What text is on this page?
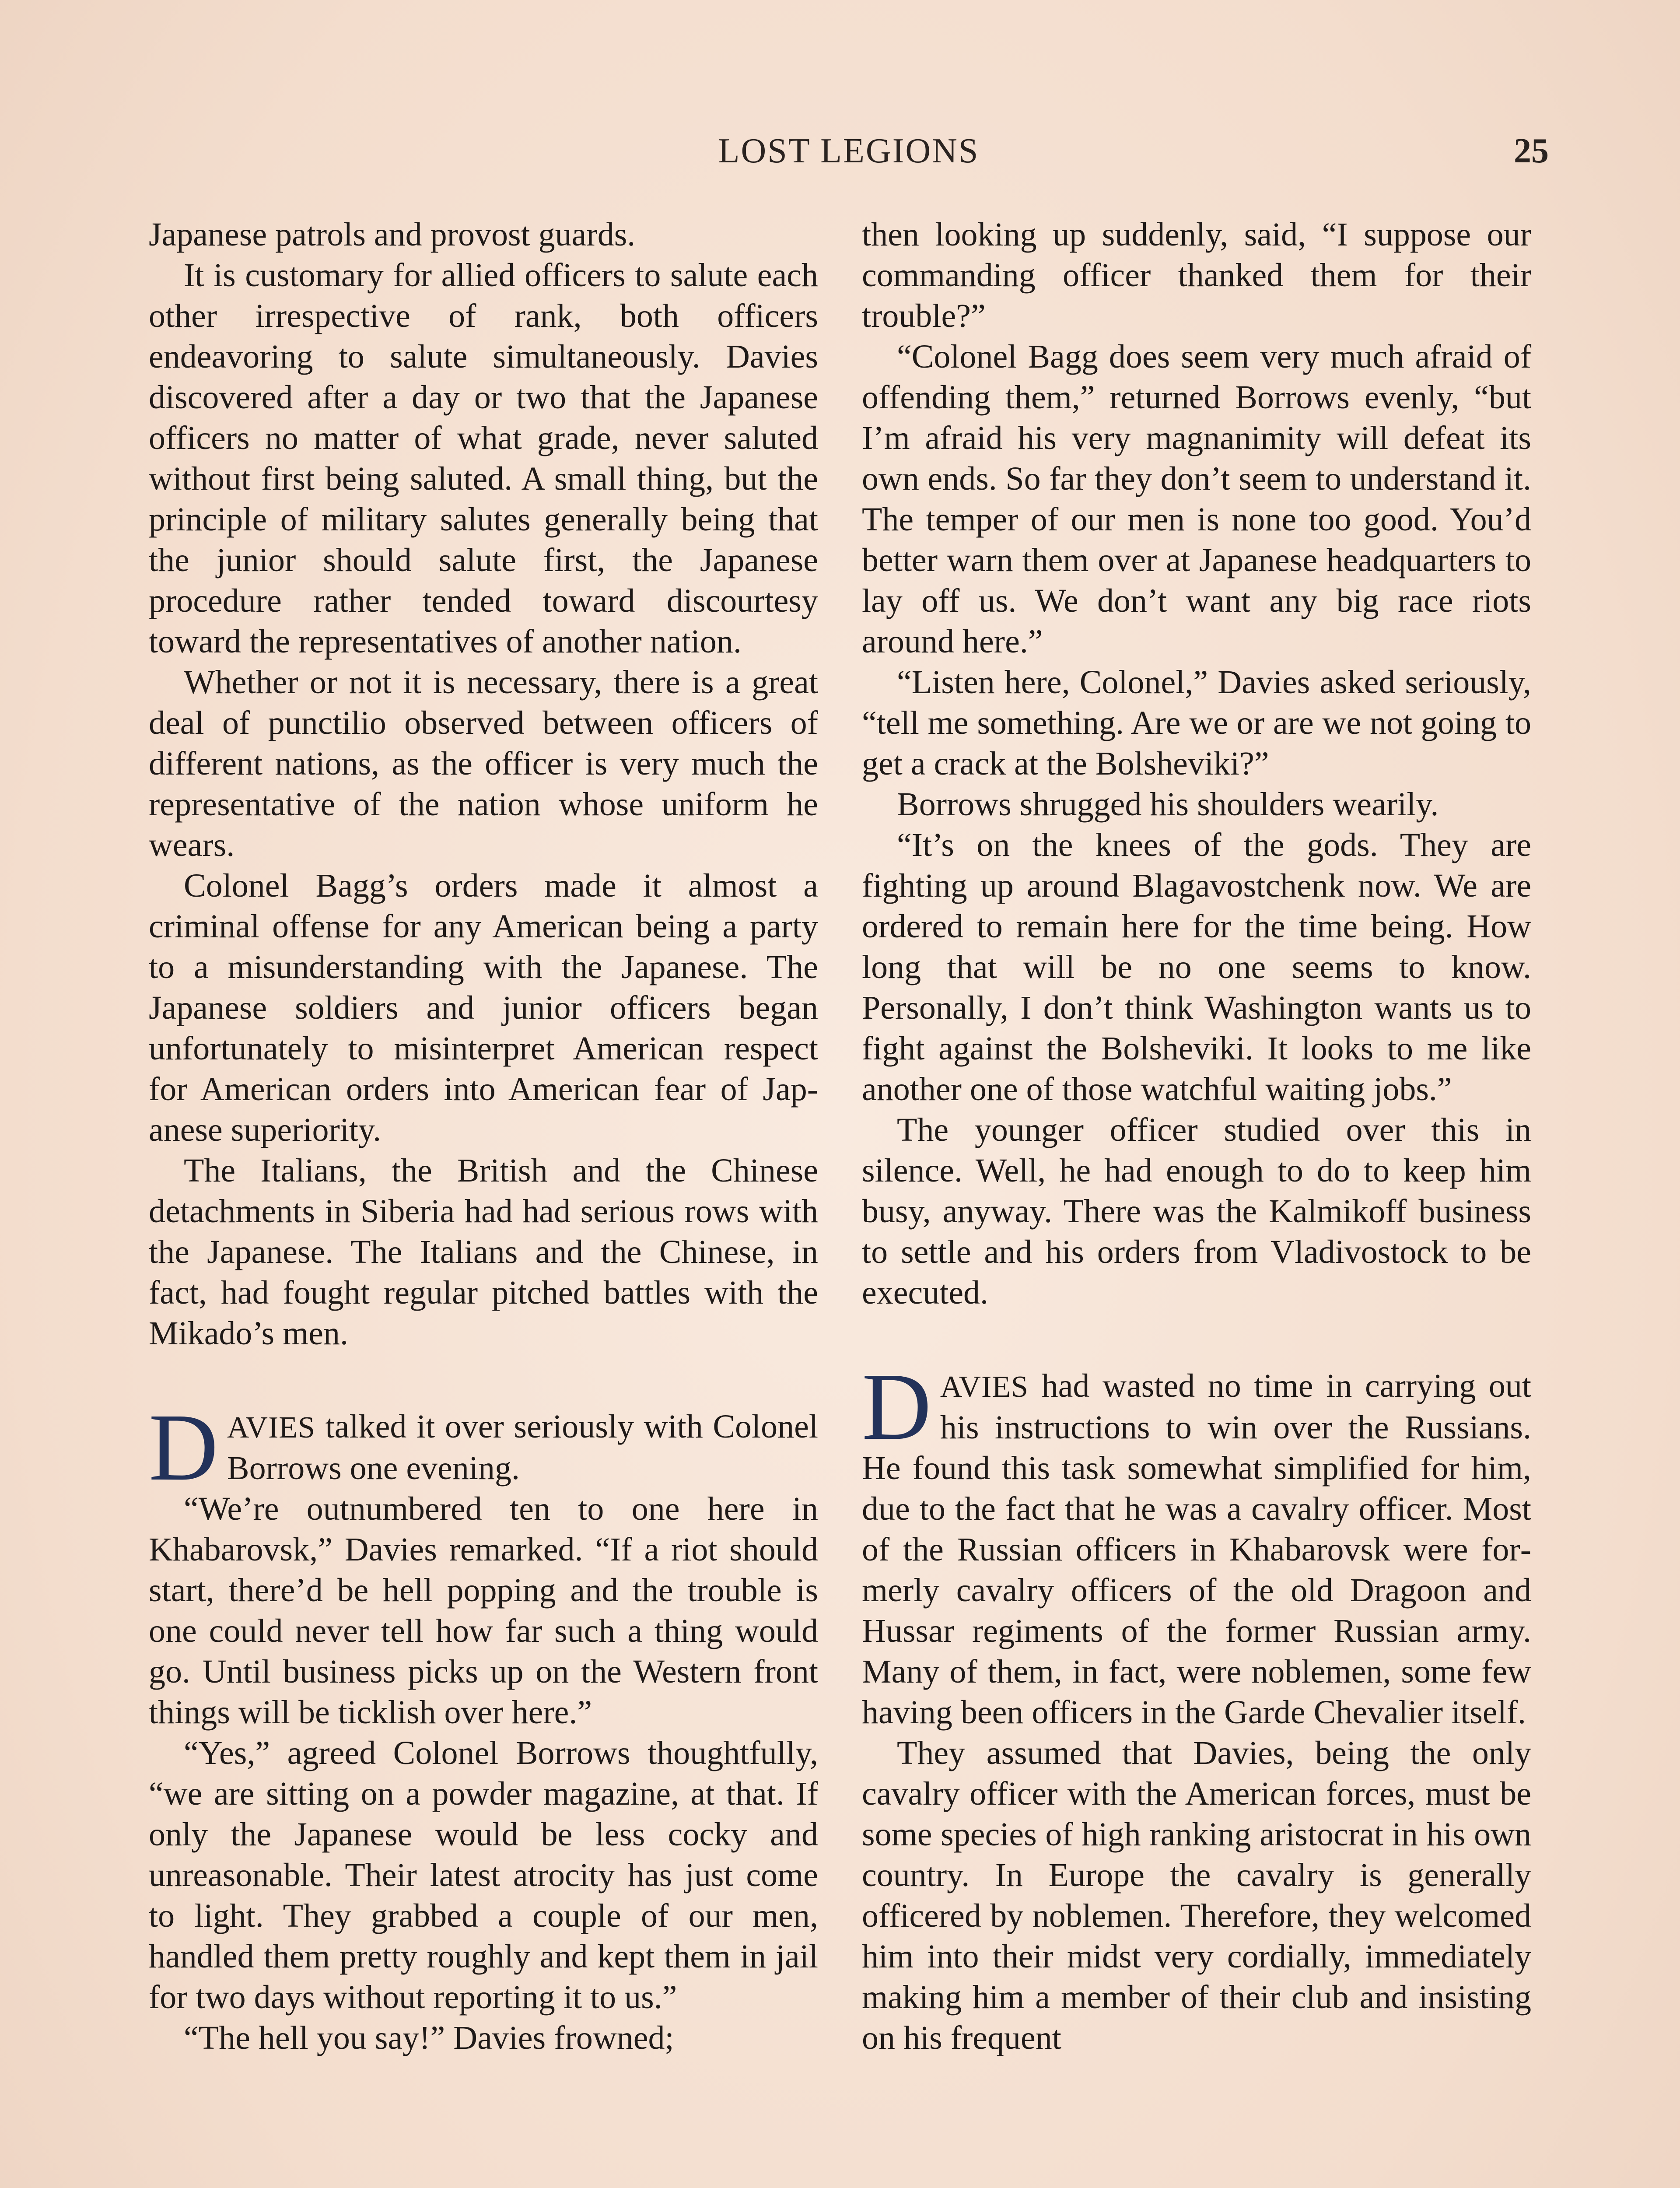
LOST LEGIONS	25

Japanese patrols and provost guards.

It is customary for allied officers to salute each other irrespective of rank, both officers endeavoring to salute simultaneously. Davies discovered after a day or two that the Japanese officers no matter of what grade, never saluted without first being saluted. A small thing, but the principle of military salutes generally being that the junior should salute first, the Japanese procedure rather tended toward discourtesy toward the representatives of another nation.

Whether or not it is necessary, there is a great deal of punctilio observed between officers of different nations, as the officer is very much the representative of the nation whose uniform he wears.

Colonel Bagg’s orders made it almost a criminal offense for any American being a party to a misunderstanding with the Japanese. The Japanese soldiers and junior officers began unfortunately to misinterpret American respect for American orders into American fear of Japanese superiority.

The Italians, the British and the Chinese detachments in Siberia had had serious rows with the Japanese. The Italians and the Chinese, in fact, had fought regular pitched battles with the Mikado’s men.

DAVIES talked it over seriously with Colonel Borrows one evening.

“We’re outnumbered ten to one here in Khabarovsk,” Davies remarked. “If a riot should start, there’d be hell popping and the trouble is one could never tell how far such a thing would go. Until business picks up on the Western front things will be ticklish over here.”

“Yes,” agreed Colonel Borrows thoughtfully, “we are sitting on a powder magazine, at that. If only the Japanese would be less cocky and unreasonable. Their latest atrocity has just come to light. They grabbed a couple of our men, handled them pretty roughly and kept them in jail for two days without reporting it to us.”

“The hell you say!” Davies frowned;

then looking up suddenly, said, “I suppose our commanding officer thanked them for their trouble?”

“Colonel Bagg does seem very much afraid of offending them,” returned Borrows evenly, “but I’m afraid his very magnanimity will defeat its own ends. So far they don’t seem to understand it. The temper of our men is none too good. You’d better warn them over at Japanese headquarters to lay off us. We don’t want any big race riots around here.”

“Listen here, Colonel,” Davies asked seriously, “tell me something. Are we or are we not going to get a crack at the Bolsheviki?”

Borrows shrugged his shoulders wearily.

“It’s on the knees of the gods. They are fighting up around Blagavostchenk now. We are ordered to remain here for the time being. How long that will be no one seems to know. Personally, I don’t think Washington wants us to fight against the Bolsheviki. It looks to me like another one of those watchful waiting jobs.”

The younger officer studied over this in silence. Well, he had enough to do to keep him busy, anyway. There was the Kalmikoff business to settle and his orders from Vladivostock to be executed.

DAVIES had wasted no time in carrying out his instructions to win over the Russians. He found this task somewhat simplified for him, due to the fact that he was a cavalry officer. Most of the Russian officers in Khabarovsk were formerly cavalry officers of the old Dragoon and Hussar regiments of the former Russian army. Many of them, in fact, were noblemen, some few having been officers in the Garde Chevalier itself.

They assumed that Davies, being the only cavalry officer with the American forces, must be some species of high ranking aristocrat in his own country. In Europe the cavalry is generally officered by noblemen. Therefore, they welcomed him into their midst very cordially, immediately making him a member of their club and insisting on his frequent
